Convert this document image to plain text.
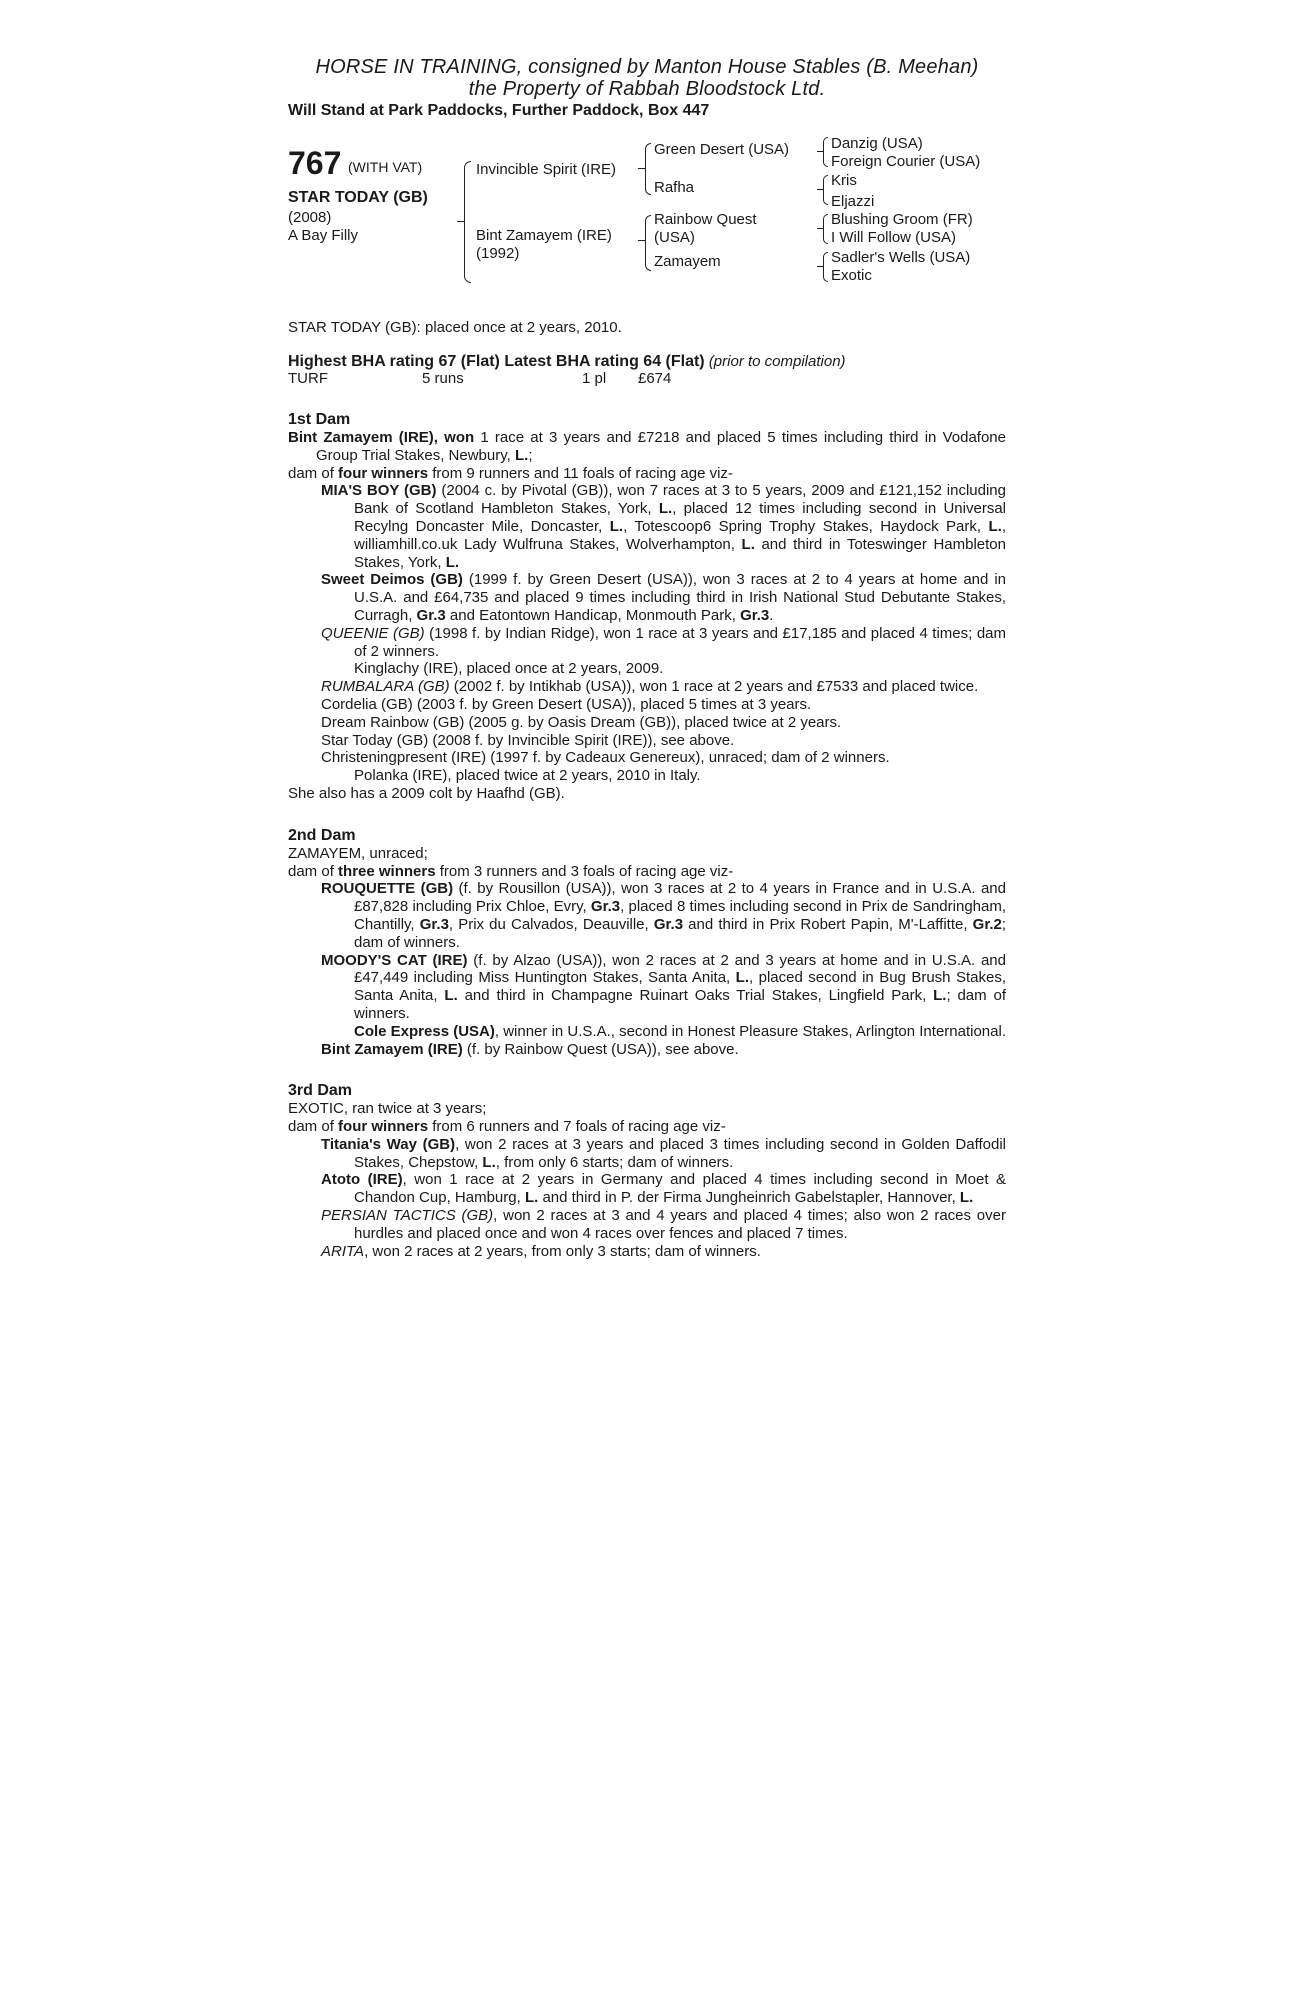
HORSE IN TRAINING, consigned by Manton House Stables (B. Meehan)
the Property of Rabbah Bloodstock Ltd.
Will Stand at Park Paddocks, Further Paddock, Box 447
767 (WITH VAT)
STAR TODAY (GB)
(2008)
A Bay Filly
Invincible Spirit (IRE)
Bint Zamayem (IRE)
(1992)
Green Desert (USA)
Rafha
Rainbow Quest
(USA)
Zamayem
Danzig (USA)
Foreign Courier (USA)
Kris
Eljazzi
Blushing Groom (FR)
I Will Follow (USA)
Sadler's Wells (USA)
Exotic
STAR TODAY (GB): placed once at 2 years, 2010.
Highest BHA rating 67 (Flat) Latest BHA rating 64 (Flat) (prior to compilation)
TURF	5 runs	1 pl	£674
1st Dam
Bint Zamayem (IRE), won 1 race at 3 years and £7218 and placed 5 times including third in Vodafone Group Trial Stakes, Newbury, L.;
dam of four winners from 9 runners and 11 foals of racing age viz-
MIA'S BOY (GB) (2004 c. by Pivotal (GB)), won 7 races at 3 to 5 years, 2009 and £121,152 including Bank of Scotland Hambleton Stakes, York, L., placed 12 times including second in Universal Recylng Doncaster Mile, Doncaster, L., Totescoop6 Spring Trophy Stakes, Haydock Park, L., williamhill.co.uk Lady Wulfruna Stakes, Wolverhampton, L. and third in Toteswinger Hambleton Stakes, York, L.
Sweet Deimos (GB) (1999 f. by Green Desert (USA)), won 3 races at 2 to 4 years at home and in U.S.A. and £64,735 and placed 9 times including third in Irish National Stud Debutante Stakes, Curragh, Gr.3 and Eatontown Handicap, Monmouth Park, Gr.3.
QUEENIE (GB) (1998 f. by Indian Ridge), won 1 race at 3 years and £17,185 and placed 4 times; dam of 2 winners.
Kinglachy (IRE), placed once at 2 years, 2009.
RUMBALARA (GB) (2002 f. by Intikhab (USA)), won 1 race at 2 years and £7533 and placed twice.
Cordelia (GB) (2003 f. by Green Desert (USA)), placed 5 times at 3 years.
Dream Rainbow (GB) (2005 g. by Oasis Dream (GB)), placed twice at 2 years.
Star Today (GB) (2008 f. by Invincible Spirit (IRE)), see above.
Christeningpresent (IRE) (1997 f. by Cadeaux Genereux), unraced; dam of 2 winners.
Polanka (IRE), placed twice at 2 years, 2010 in Italy.
She also has a 2009 colt by Haafhd (GB).
2nd Dam
ZAMAYEM, unraced;
dam of three winners from 3 runners and 3 foals of racing age viz-
ROUQUETTE (GB) (f. by Rousillon (USA)), won 3 races at 2 to 4 years in France and in U.S.A. and £87,828 including Prix Chloe, Evry, Gr.3, placed 8 times including second in Prix de Sandringham, Chantilly, Gr.3, Prix du Calvados, Deauville, Gr.3 and third in Prix Robert Papin, M'-Laffitte, Gr.2; dam of winners.
MOODY'S CAT (IRE) (f. by Alzao (USA)), won 2 races at 2 and 3 years at home and in U.S.A. and £47,449 including Miss Huntington Stakes, Santa Anita, L., placed second in Bug Brush Stakes, Santa Anita, L. and third in Champagne Ruinart Oaks Trial Stakes, Lingfield Park, L.; dam of winners.
Cole Express (USA), winner in U.S.A., second in Honest Pleasure Stakes, Arlington International.
Bint Zamayem (IRE) (f. by Rainbow Quest (USA)), see above.
3rd Dam
EXOTIC, ran twice at 3 years;
dam of four winners from 6 runners and 7 foals of racing age viz-
Titania's Way (GB), won 2 races at 3 years and placed 3 times including second in Golden Daffodil Stakes, Chepstow, L., from only 6 starts; dam of winners.
Atoto (IRE), won 1 race at 2 years in Germany and placed 4 times including second in Moet & Chandon Cup, Hamburg, L. and third in P. der Firma Jungheinrich Gabelstapler, Hannover, L.
PERSIAN TACTICS (GB), won 2 races at 3 and 4 years and placed 4 times; also won 2 races over hurdles and placed once and won 4 races over fences and placed 7 times.
ARITA, won 2 races at 2 years, from only 3 starts; dam of winners.
